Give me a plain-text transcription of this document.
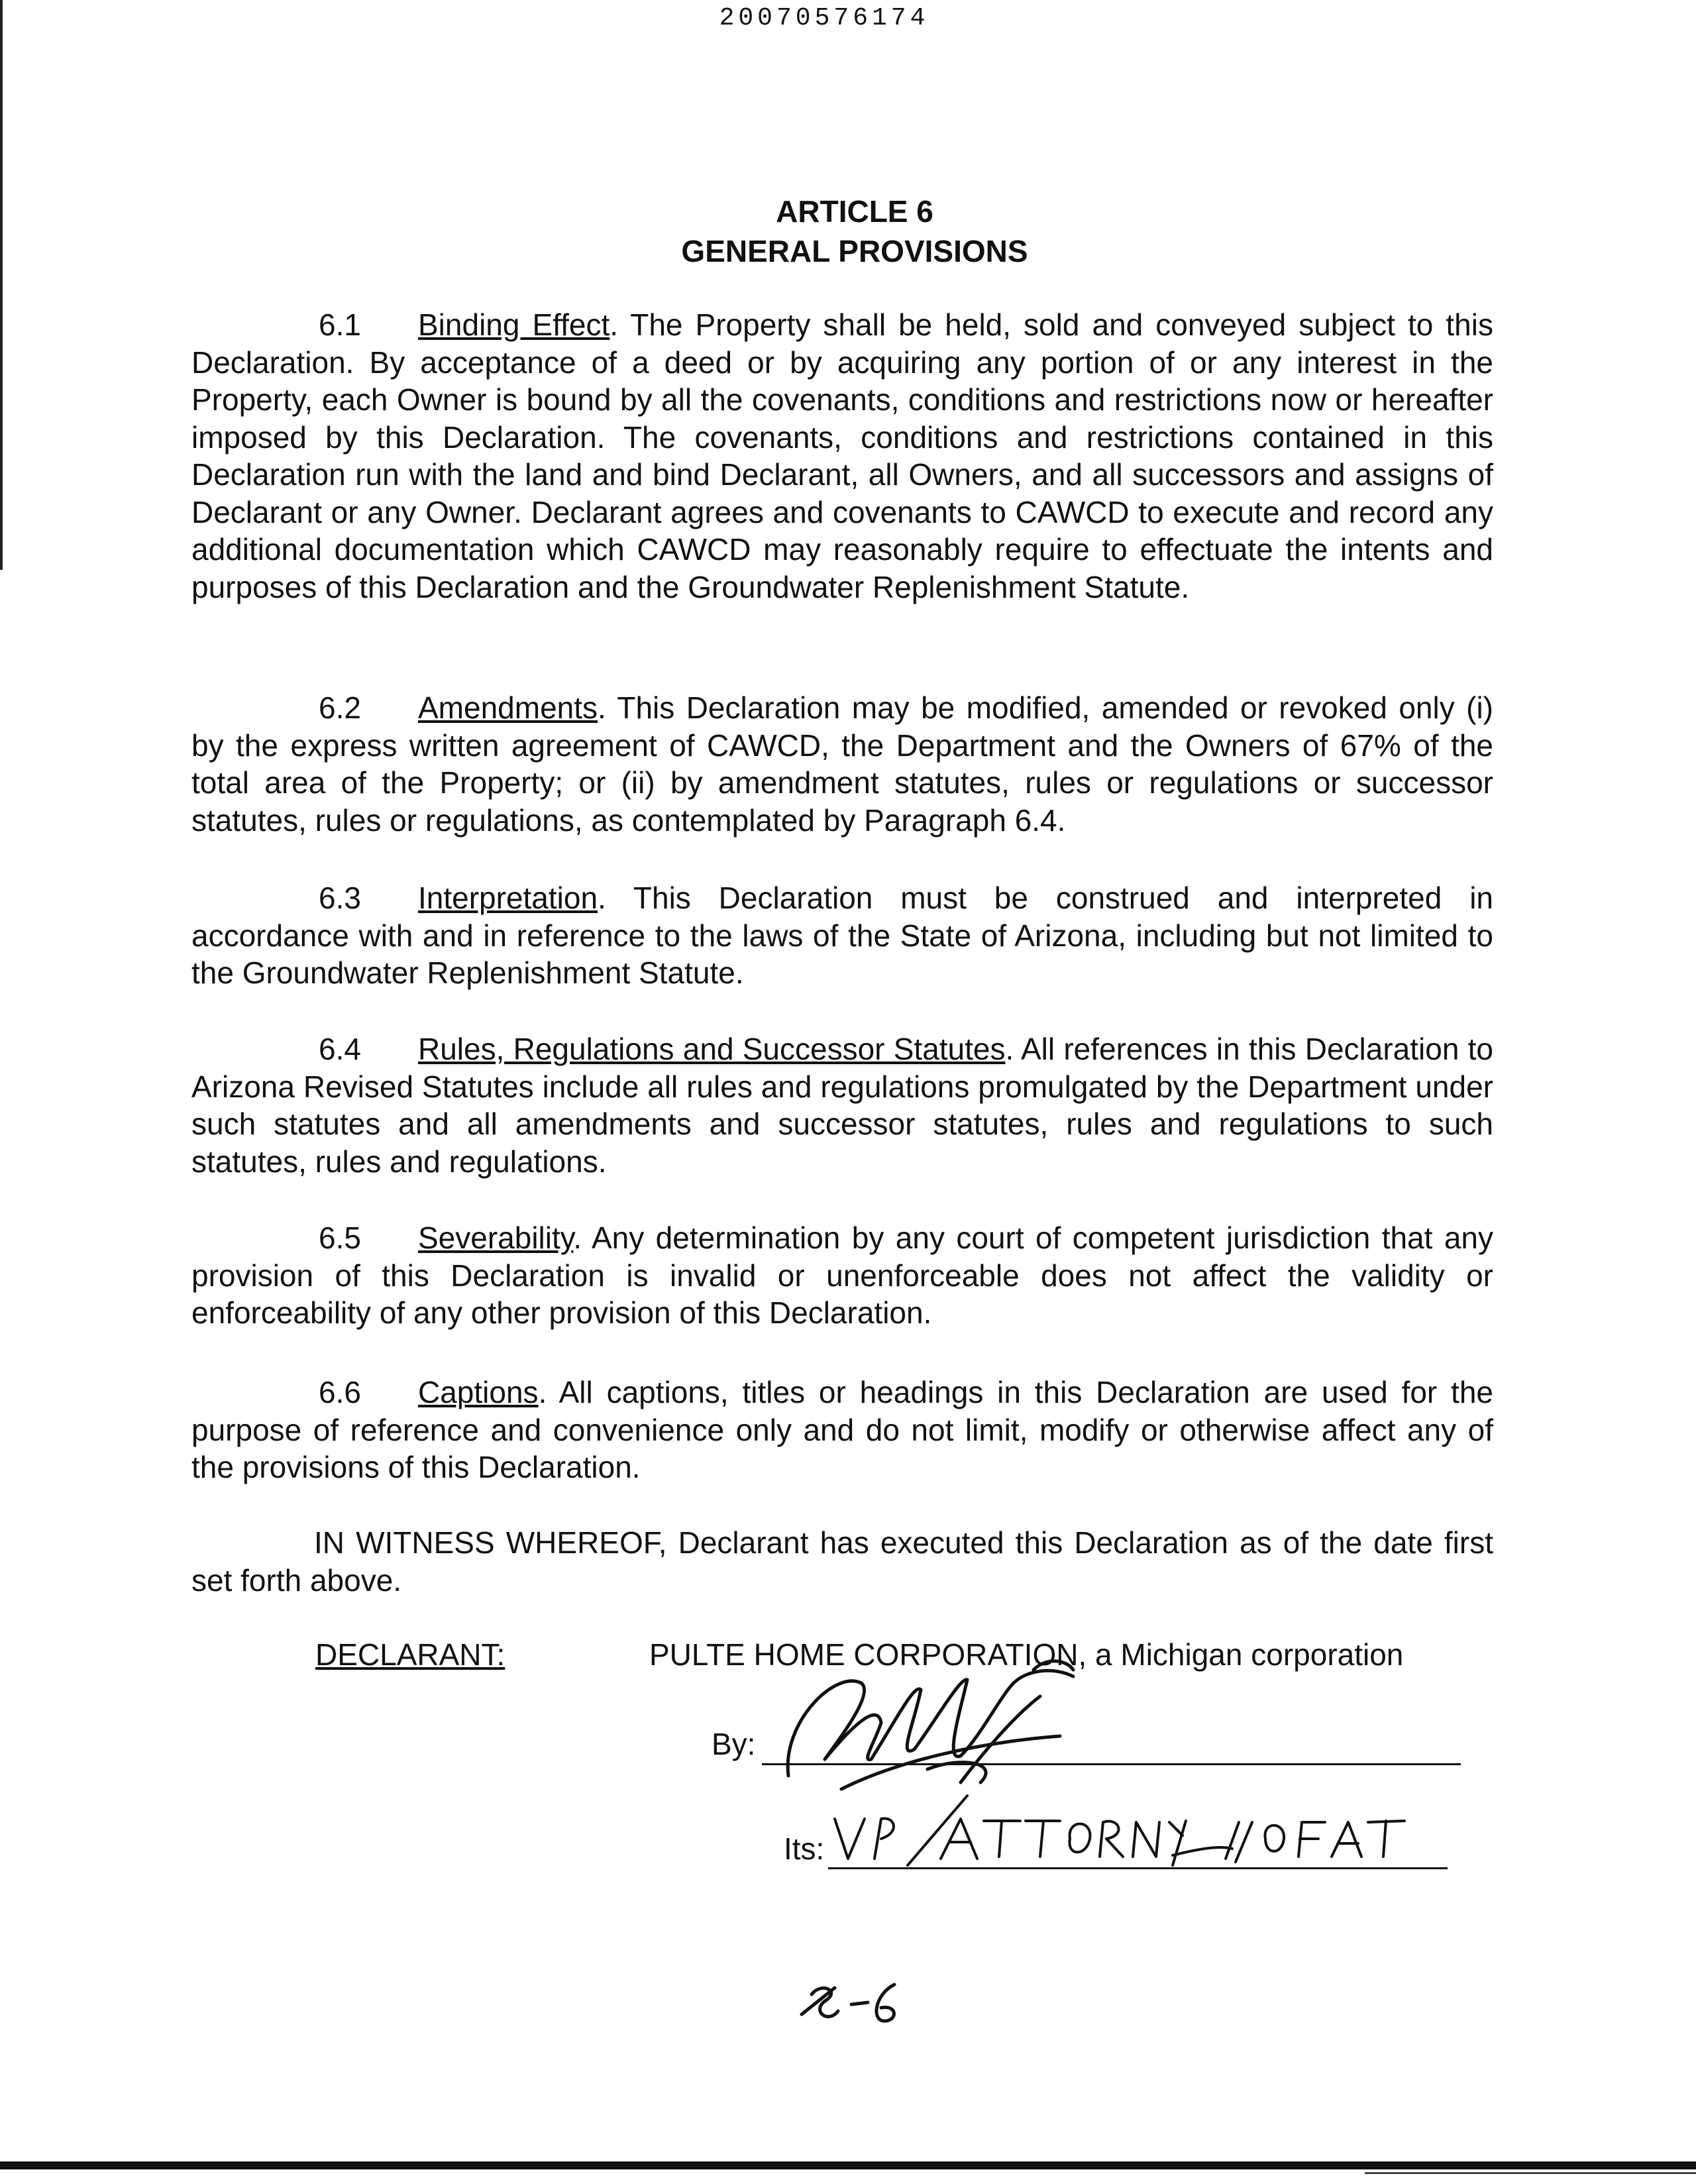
20070576174
ARTICLE 6
GENERAL PROVISIONS
6.1 Binding Effect. The Property shall be held, sold and conveyed subject to this Declaration. By acceptance of a deed or by acquiring any portion of or any interest in the Property, each Owner is bound by all the covenants, conditions and restrictions now or hereafter imposed by this Declaration. The covenants, conditions and restrictions contained in this Declaration run with the land and bind Declarant, all Owners, and all successors and assigns of Declarant or any Owner. Declarant agrees and covenants to CAWCD to execute and record any additional documentation which CAWCD may reasonably require to effectuate the intents and purposes of this Declaration and the Groundwater Replenishment Statute.
6.2 Amendments. This Declaration may be modified, amended or revoked only (i) by the express written agreement of CAWCD, the Department and the Owners of 67% of the total area of the Property; or (ii) by amendment statutes, rules or regulations or successor statutes, rules or regulations, as contemplated by Paragraph 6.4.
6.3 Interpretation. This Declaration must be construed and interpreted in accordance with and in reference to the laws of the State of Arizona, including but not limited to the Groundwater Replenishment Statute.
6.4 Rules, Regulations and Successor Statutes. All references in this Declaration to Arizona Revised Statutes include all rules and regulations promulgated by the Department under such statutes and all amendments and successor statutes, rules and regulations to such statutes, rules and regulations.
6.5 Severability. Any determination by any court of competent jurisdiction that any provision of this Declaration is invalid or unenforceable does not affect the validity or enforceability of any other provision of this Declaration.
6.6 Captions. All captions, titles or headings in this Declaration are used for the purpose of reference and convenience only and do not limit, modify or otherwise affect any of the provisions of this Declaration.
IN WITNESS WHEREOF, Declarant has executed this Declaration as of the date first set forth above.
DECLARANT:	PULTE HOME CORPORATION, a Michigan corporation
By:
Its:
